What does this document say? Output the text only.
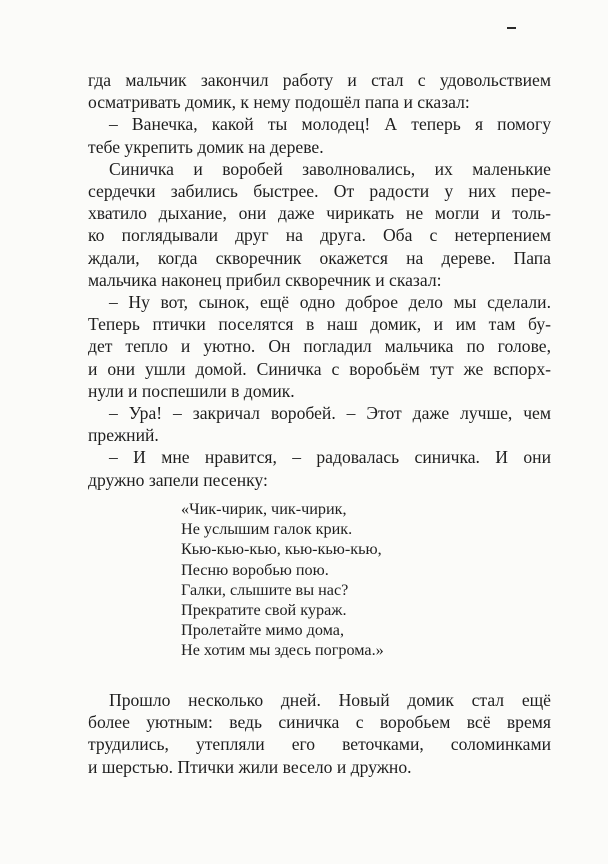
гда мальчик закончил работу и стал с удовольствием
осматривать домик, к нему подошёл папа и сказал:

– Ванечка, какой ты молодец! А теперь я помогу
тебе укрепить домик на дереве.

Синичка и воробей заволновались, их маленькие
сердечки забились быстрее. От радости у них пере-
хватило дыхание, они даже чирикать не могли и толь-
ко поглядывали друг на друга. Оба с нетерпением
ждали, когда скворечник окажется на дереве. Папа
мальчика наконец прибил скворечник и сказал:

– Ну вот, сынок, ещё одно доброе дело мы сделали.
Теперь птички поселятся в наш домик, и им там бу-
дет тепло и уютно. Он погладил мальчика по голове,
и они ушли домой. Синичка с воробьём тут же вспорх-
нули и поспешили в домик.

– Ура! – закричал воробей. – Этот даже лучше, чем
прежний.

– И мне нравится, – радовалась синичка. И они
дружно запели песенку:

«Чик-чирик, чик-чирик,
Не услышим галок крик.
Кью-кью-кью, кью-кью-кью,
Песню воробью пою.
Галки, слышите вы нас?
Прекратите свой кураж.
Пролетайте мимо дома,
Не хотим мы здесь погрома.»
Прошло несколько дней. Новый домик стал ещё
более уютным: ведь синичка с воробьем всё время
трудились, утепляли его веточками, соломинками
и шерстью. Птички жили весело и дружно.
